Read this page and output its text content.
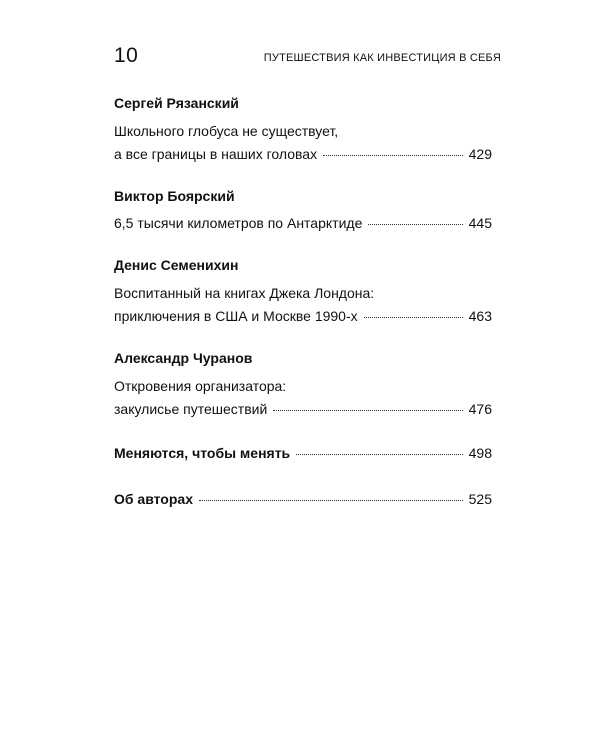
10	ПУТЕШЕСТВИЯ КАК ИНВЕСТИЦИЯ В СЕБЯ
Сергей Рязанский
Школьного глобуса не существует,
а все границы в наших головах	429
Виктор Боярский
6,5 тысячи километров по Антарктиде	445
Денис Семенихин
Воспитанный на книгах Джека Лондона:
приключения в США и Москве 1990-х	463
Александр Чуранов
Откровения организатора:
закулисье путешествий	476
Меняются, чтобы менять	498
Об авторах	525
